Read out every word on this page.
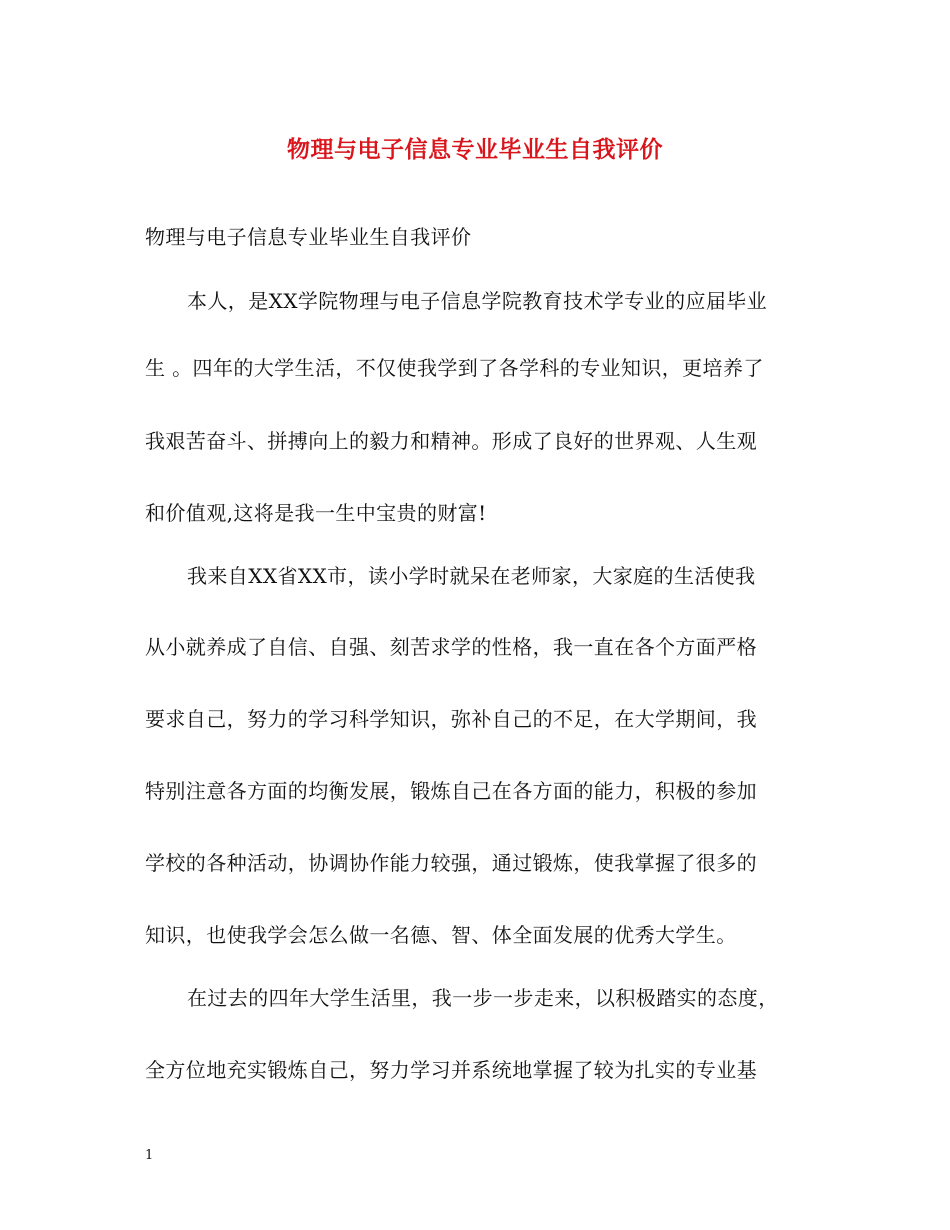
物理与电子信息专业毕业生自我评价
物理与电子信息专业毕业生自我评价
本人，是XX学院物理与电子信息学院教育技术学专业的应届毕业
生 。四年的大学生活，不仅使我学到了各学科的专业知识，更培养了
我艰苦奋斗、拼搏向上的毅力和精神。形成了良好的世界观、人生观
和价值观,这将是我一生中宝贵的财富!
我来自XX省XX市，读小学时就呆在老师家，大家庭的生活使我
从小就养成了自信、自强、刻苦求学的性格，我一直在各个方面严格
要求自己，努力的学习科学知识，弥补自己的不足，在大学期间，我
特别注意各方面的均衡发展，锻炼自己在各方面的能力，积极的参加
学校的各种活动，协调协作能力较强，通过锻炼，使我掌握了很多的
知识，也使我学会怎么做一名德、智、体全面发展的优秀大学生。
在过去的四年大学生活里，我一步一步走来，以积极踏实的态度，
全方位地充实锻炼自己，努力学习并系统地掌握了较为扎实的专业基
1
